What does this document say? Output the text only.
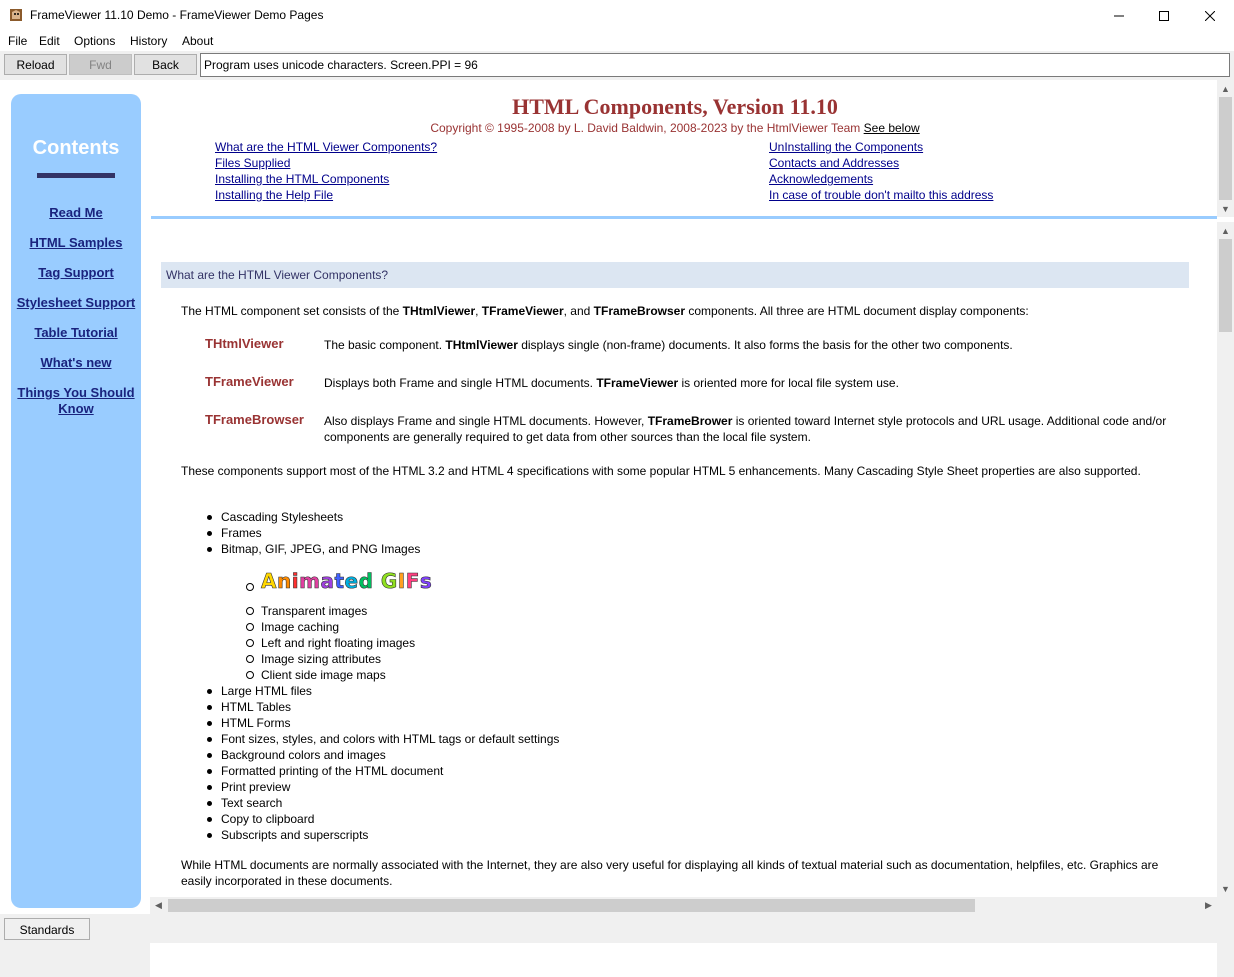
FrameViewer 11.10 Demo - FrameViewer Demo Pages
File Edit Options History About
Reload	Fwd	Back	Program uses unicode characters. Screen.PPI = 96
Contents
Read Me
HTML Samples
Tag Support
Stylesheet Support
Table Tutorial
What's new
Things You Should Know
HTML Components, Version 11.10
Copyright © 1995-2008 by L. David Baldwin, 2008-2023 by the HtmlViewer Team See below
What are the HTML Viewer Components?
Files Supplied
Installing the HTML Components
Installing the Help File
UnInstalling the Components
Contacts and Addresses
Acknowledgements
In case of trouble don't mailto this address
▲
▼
▲
▼
What are the HTML Viewer Components?
The HTML component set consists of the THtmlViewer, TFrameViewer, and TFrameBrowser components. All three are HTML document display components:
THtmlViewer	The basic component. THtmlViewer displays single (non-frame) documents. It also forms the basis for the other two components.
TFrameViewer	Displays both Frame and single HTML documents. TFrameViewer is oriented more for local file system use.
TFrameBrowser Also displays Frame and single HTML documents. However, TFrameBrower is oriented toward Internet style protocols and URL usage. Additional code and/or components are generally required to get data from other sources than the local file system.
These components support most of the HTML 3.2 and HTML 4 specifications with some popular HTML 5 enhancements. Many Cascading Style Sheet properties are also supported.
Cascading Stylesheets
Frames
Bitmap, GIF, JPEG, and PNG Images
Animated GIFs
Transparent images
Image caching
Left and right floating images
Image sizing attributes
Client side image maps
Large HTML files
HTML Tables
HTML Forms
Font sizes, styles, and colors with HTML tags or default settings
Background colors and images
Formatted printing of the HTML document
Print preview
Text search
Copy to clipboard
Subscripts and superscripts
While HTML documents are normally associated with the Internet, they are also very useful for displaying all kinds of textual material such as documentation, helpfiles, etc. Graphics are easily incorporated in these documents.
◀	▶
Standards
